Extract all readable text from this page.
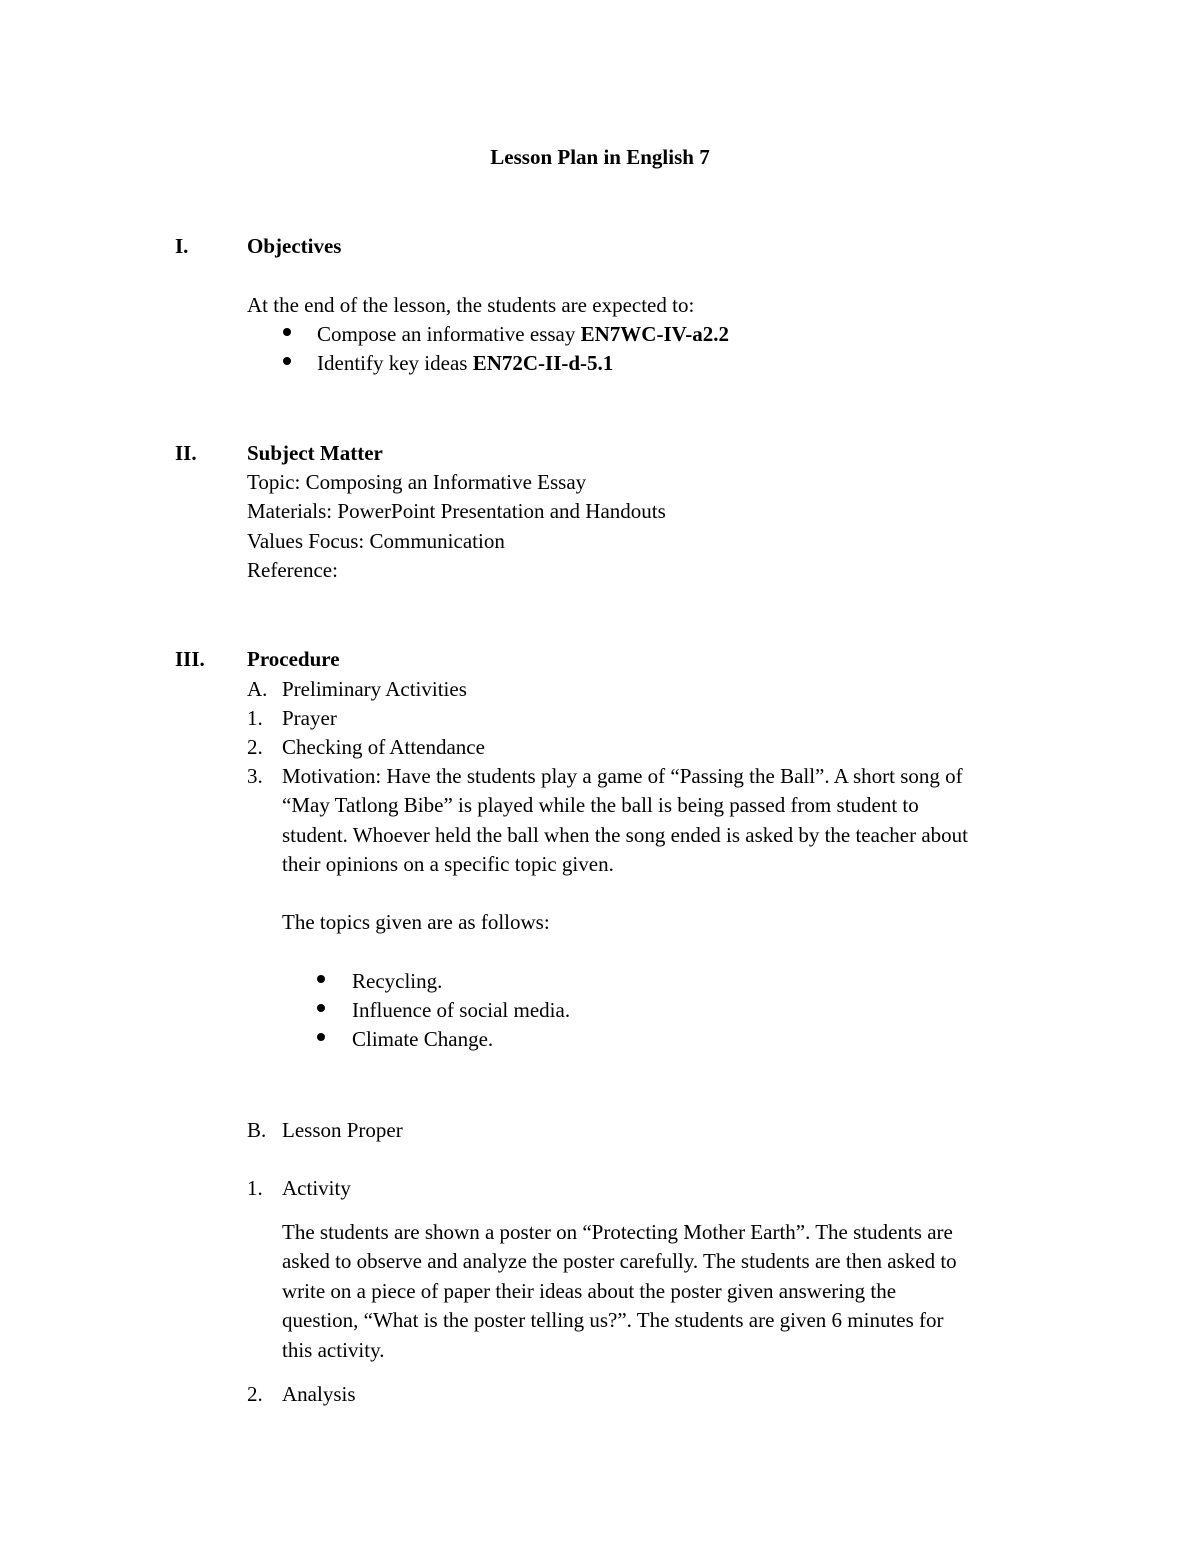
Lesson Plan in English 7
I.	Objectives
At the end of the lesson, the students are expected to:
Compose an informative essay EN7WC-IV-a2.2
Identify key ideas EN72C-II-d-5.1
II. Subject Matter
Topic: Composing an Informative Essay
Materials: PowerPoint Presentation and Handouts
Values Focus: Communication
Reference:
III. Procedure
A. Preliminary Activities
1. Prayer
2. Checking of Attendance
3. Motivation: Have the students play a game of “Passing the Ball”. A short song of
“May Tatlong Bibe” is played while the ball is being passed from student to
student. Whoever held the ball when the song ended is asked by the teacher about
their opinions on a specific topic given.
The topics given are as follows:
Recycling.
Influence of social media.
Climate Change.
B. Lesson Proper
1. Activity
The students are shown a poster on “Protecting Mother Earth”. The students are
asked to observe and analyze the poster carefully. The students are then asked to
write on a piece of paper their ideas about the poster given answering the
question, “What is the poster telling us?”. The students are given 6 minutes for
this activity.
2. Analysis
